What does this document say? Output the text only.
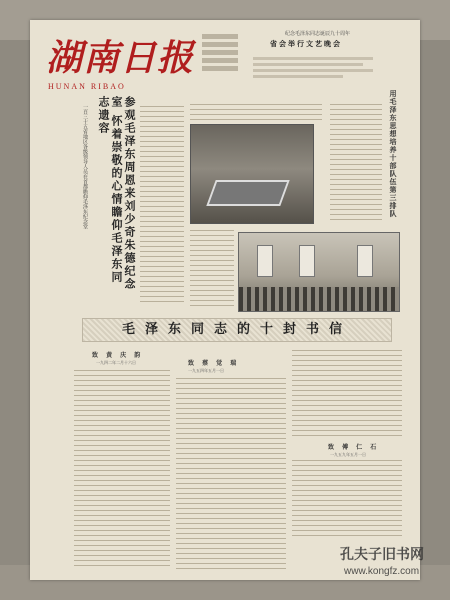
湖南日报
HUNAN RIBAO
纪念毛泽东同志诞辰九十周年
省会举行文艺晚会
用毛泽东思想培养十部队伍第三排队
参观毛泽东周恩来刘少奇朱德纪念室 怀着崇敬的心情瞻仰毛泽东同志遗容
一百三十五省地区各级领导人员在首都瞻仰毛泽东纪念堂
毛泽东同志的十封书信
致 黄 庆 韵
一九四二年二月十六日	致 蔡 觉 瑞
一九五四年五月一日
致 傅 仁 石
一九五九年五月一日
孔夫子旧书网
www.kongfz.com
